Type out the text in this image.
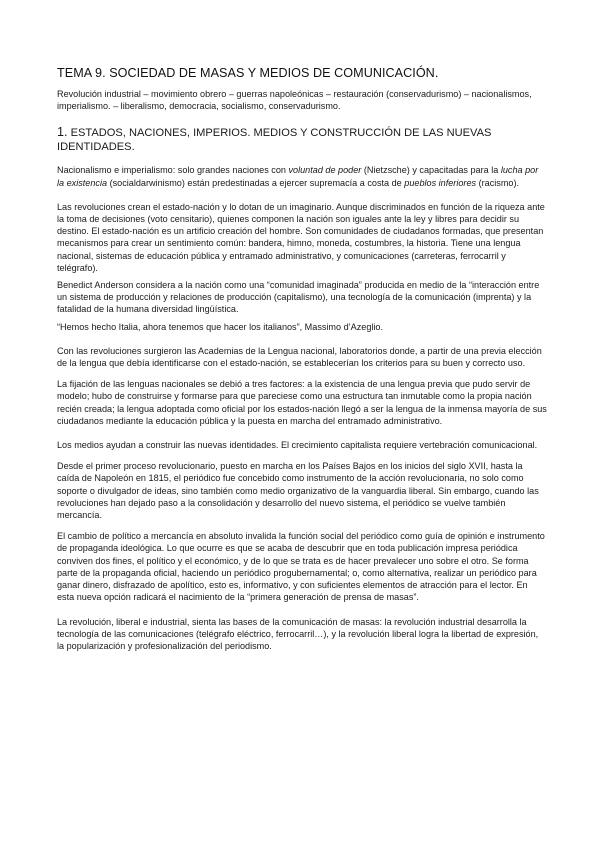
TEMA 9. SOCIEDAD DE MASAS Y MEDIOS DE COMUNICACIÓN.

Revolución industrial – movimiento obrero – guerras napoleónicas – restauración (conservadurismo) – nacionalismos, imperialismo. – liberalismo, democracia, socialismo, conservadurismo.

1. ESTADOS, NACIONES, IMPERIOS. MEDIOS Y CONSTRUCCIÓN DE LAS NUEVAS IDENTIDADES.

Nacionalismo e imperialismo: solo grandes naciones con voluntad de poder (Nietzsche) y capacitadas para la lucha por la existencia (socialdarwinismo) están predestinadas a ejercer supremacía a costa de pueblos inferiores (racismo).

Las revoluciones crean el estado-nación y lo dotan de un imaginario. Aunque discriminados en función de la riqueza ante la toma de decisiones (voto censitario), quienes componen la nación son iguales ante la ley y libres para decidir su destino. El estado-nación es un artificio creación del hombre. Son comunidades de ciudadanos formadas, que presentan mecanismos para crear un sentimiento común: bandera, himno, moneda, costumbres, la historia. Tiene una lengua nacional, sistemas de educación pública y entramado administrativo, y comunicaciones (carreteras, ferrocarril y telégrafo).

Benedict Anderson considera a la nación como una “comunidad imaginada” producida en medio de la “interacción entre un sistema de producción y relaciones de producción (capitalismo), una tecnología de la comunicación (imprenta) y la fatalidad de la humana diversidad lingüística.

“Hemos hecho Italia, ahora tenemos que hacer los italianos”, Massimo d’Azeglio.

Con las revoluciones surgieron las Academias de la Lengua nacional, laboratorios donde, a partir de una previa elección de la lengua que debía identificarse con el estado-nación, se establecerían los criterios para su buen y correcto uso.

La fijación de las lenguas nacionales se debió a tres factores: a la existencia de una lengua previa que pudo servir de modelo; hubo de construirse y formarse para que pareciese como una estructura tan inmutable como la propia nación recién creada; la lengua adoptada como oficial por los estados-nación llegó a ser la lengua de la inmensa mayoría de sus ciudadanos mediante la educación pública y la puesta en marcha del entramado administrativo.

Los medios ayudan a construir las nuevas identidades. El crecimiento capitalista requiere vertebración comunicacional.

Desde el primer proceso revolucionario, puesto en marcha en los Países Bajos en los inicios del siglo XVII, hasta la caída de Napoleón en 1815, el periódico fue concebido como instrumento de la acción revolucionaria, no solo como soporte o divulgador de ideas, sino también como medio organizativo de la vanguardia liberal. Sin embargo, cuando las revoluciones han dejado paso a la consolidación y desarrollo del nuevo sistema, el periódico se vuelve también mercancía.

El cambio de político a mercancía en absoluto invalida la función social del periódico como guía de opinión e instrumento de propaganda ideológica. Lo que ocurre es que se acaba de descubrir que en toda publicación impresa periódica conviven dos fines, el político y el económico, y de lo que se trata es de hacer prevalecer uno sobre el otro. Se forma parte de la propaganda oficial, haciendo un periódico progubernamental; o, como alternativa, realizar un periódico para ganar dinero, disfrazado de apolítico, esto es, informativo, y con suficientes elementos de atracción para el lector. En esta nueva opción radicará el nacimiento de la “primera generación de prensa de masas”.

La revolución, liberal e industrial, sienta las bases de la comunicación de masas: la revolución industrial desarrolla la tecnología de las comunicaciones (telégrafo eléctrico, ferrocarril…), y la revolución liberal logra la libertad de expresión, la popularización y profesionalización del periodismo.
